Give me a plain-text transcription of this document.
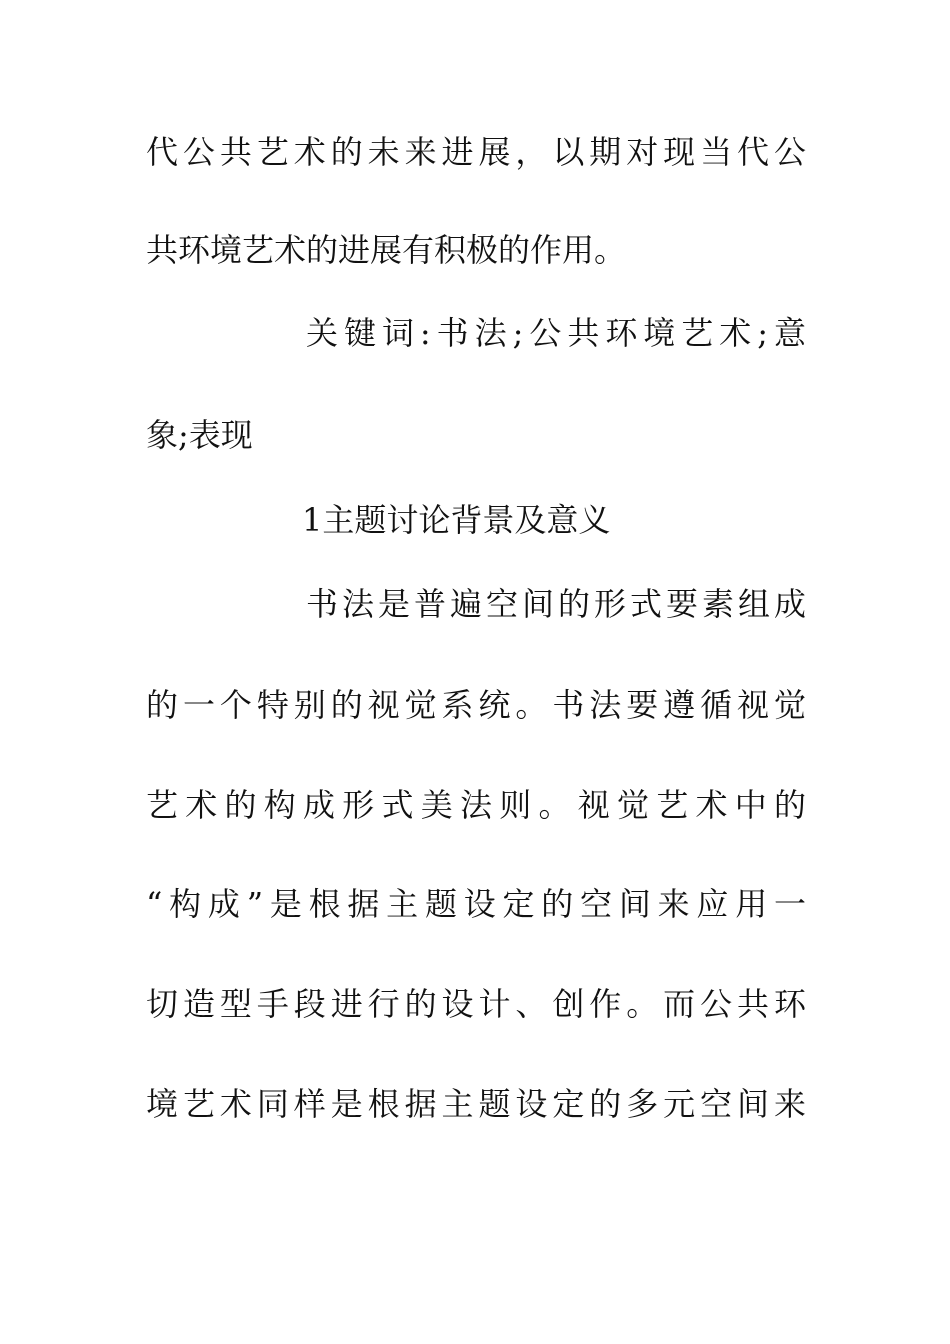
代公共艺术的未来进展，以期对现当代公
共环境艺术的进展有积极的作用。
关键词:书法;公共环境艺术;意
象;表现
1主题讨论背景及意义
书法是普遍空间的形式要素组成
的一个特别的视觉系统。书法要遵循视觉
艺术的构成形式美法则。视觉艺术中的
“构成”是根据主题设定的空间来应用一
切造型手段进行的设计、创作。而公共环
境艺术同样是根据主题设定的多元空间来
